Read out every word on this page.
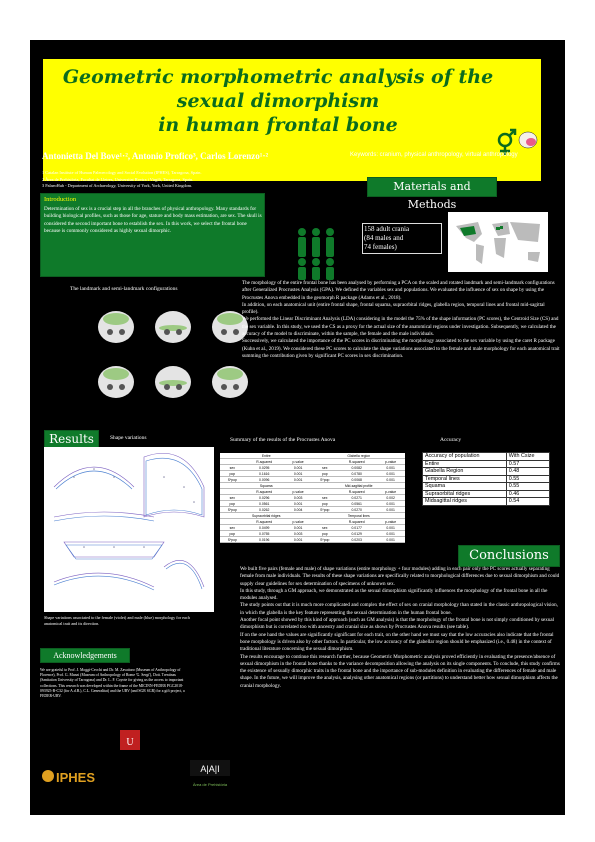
Geometric morphometric analysis of the
sexual dimorphism
in human frontal bone
Antonietta Del Bove¹·², Antonio Profico³, Carlos Lorenzo¹·²	Keywords: cranium, physical anthropology, virtual anthropology
1 Catalan Institute of Human Paleoecology and Social Evolution (IPHES), Tarragona, Spain.
2 Àrea de Prehistòria, Facultat de Lletres, Universitat Rovira i Virgili, Tarragona, Spain.
3 PalaeoHub - Department of Archaeology, University of York, York, United Kingdom.
Introduction
Determination of sex is a crucial step in all the branches of physical anthropology. Many standards for building biological profiles, such as those for age, stature and body mass estimation, are sex. The skull is considered the second important bone to establish the sex. In this work, we select the frontal bone because is commonly considered as highly sexual dimorphic.
Materials and Methods
158 adult crania
(84 males and
74 females)
The landmark and semi-landmark configurations

The morphology of the entire frontal bone has been analysed by performing a PCA on the scaled and rotated landmark and semi-landmark configurations after Generalized Procrustes Analysis (GPA). We defined the variables sex and populations. We evaluated the influence of sex on shape by using the Procrustes Anova embedded in the geomorph R package (Adams et al., 2018).

In addition, on each anatomical unit (entire frontal shape, frontal squama, supraorbital ridges, glabella region, temporal lines and frontal mid-sagittal profile).

We performed the Linear Discriminant Analysis (LDA) considering in the model the 75% of the shape information (PC scores), the Centroid Size (CS) and the sex variable. In this study, we used the CS as a proxy for the actual size of the anatomical regions under investigation. Subsequently, we calculated the accuracy of the model to discriminate, within the sample, the female and the male individuals.

Successively, we calculated the importance of the PC scores in discriminating the morphology associated to the sex variable by using the caret R package (Kuhn et al., 2019). We considered these PC scores to calculate the shape variations associated to the female and male morphology for each anatomical trait summing the contribution given by significant PC scores in sex discrimination.

Results	Shape variations
Shape variations associated to the female (violet) and male (blue) morphology for each anatomical trait and its direction.
Summary of the results of the Procrustes Anova
Entire			Glabella region		
	R-squared	p-value		R-squared	p-value
sex	0.0295	0.001	sex	0.0082	0.001
pop	0.1616	0.001	pop	0.0780	0.001
S*pop	0.0096	0.001	S*pop	0.0068	0.001
Squama			Mid-sagittal profile		
	R-squared	p-value		R-squared	p-value
sex	0.0296	0.003	sex	0.0271	0.002
pop	0.0561	0.001	pop	0.0561	0.001
S*pop	0.0262	0.004	S*pop	0.0270	0.001
Supraorbital ridges			Temporal lines		
	R-squared	p-value		R-squared	p-value
sex	0.0499	0.001	sex	0.0177	0.001
pop	0.0755	0.003	pop	0.0129	0.001
S*pop	0.0196	0.001	S*pop	0.0203	0.001
Accuracy
Accuracy of population	With Csize
Entire	0.57
Glabella Region	0.48
Temporal lines	0.55
Squama	0.55
Supraorbital ridges	0.46
Midsagittal ridges	0.54
Conclusions

We built five pairs (female and male) of shape variations (entire morphology + four modules) adding in each pair only the PC scores actually separating female from male individuals. The results of these shape variations are specifically related to morphological differences due to sexual dimorphism and could supply clear guidelines for sex determination of specimens of unknown sex.

In this study, through a GM approach, we demonstrated as the sexual dimorphism significantly influences the morphology of the frontal bone in all the modules analysed.

The study points out that it is much more complicated and complex the effect of sex on cranial morphology than stated in the classic anthropological vision, in which the glabella is the key feature representing the sexual determination in the human frontal bone.

Another focal point showed by this kind of approach (such as GM analysis) is that the morphology of the frontal bone is not simply conditioned by sexual dimorphism but is correlated too with ancestry and cranial size as shows by Procrustes Anova results (see table).

If on the one hand the values are significantly significant for each trait, on the other hand we must say that the low accuracies also indicate that the frontal bone morphology is driven also by other factors. In particular, the low accuracy of the glabellar region should be emphasized (i.e., 0.48) in the context of traditional literature concerning the sexual dimorphism.

The results encourage to continue this research further, because Geometric Morphometric analysis proved efficiently in evaluating the presence/absence of sexual dimorphism in the frontal bone thanks to the variance decomposition allowing the analysis on its single components. To conclude, this study confirms the existence of sexually dimorphic traits in the frontal bone and the importance of sub-modules definition in evaluating the differences of female and male shape. In the future, we will improve the analysis, analysing other anatomical regions (or partitions) to understand better how sexual dimorphism affects the cranial morphology.

Acknowledgements
We are grateful to Prof. J. Moggi-Cecchi and Dr. M. Zavattaro (Museum of Anthropology of Florence), Prof. G. Manzi (Museum of Anthropology of Rome 'G. Sergi'), Dott. Trentinas (Sanitation University of Tarragona) and Dr. L. F. Coyote for giving us the access to important collections. This research was developed within the frame of the MICINN-FEDER PGC2018-093925-B-C32 (for A.d.B.), C.L. Generalitat) and the URV (and SGR SGR) for a gift project, a FEDER-URV.
U
IPHES
A|A|I
Àrea de Prehistòria
